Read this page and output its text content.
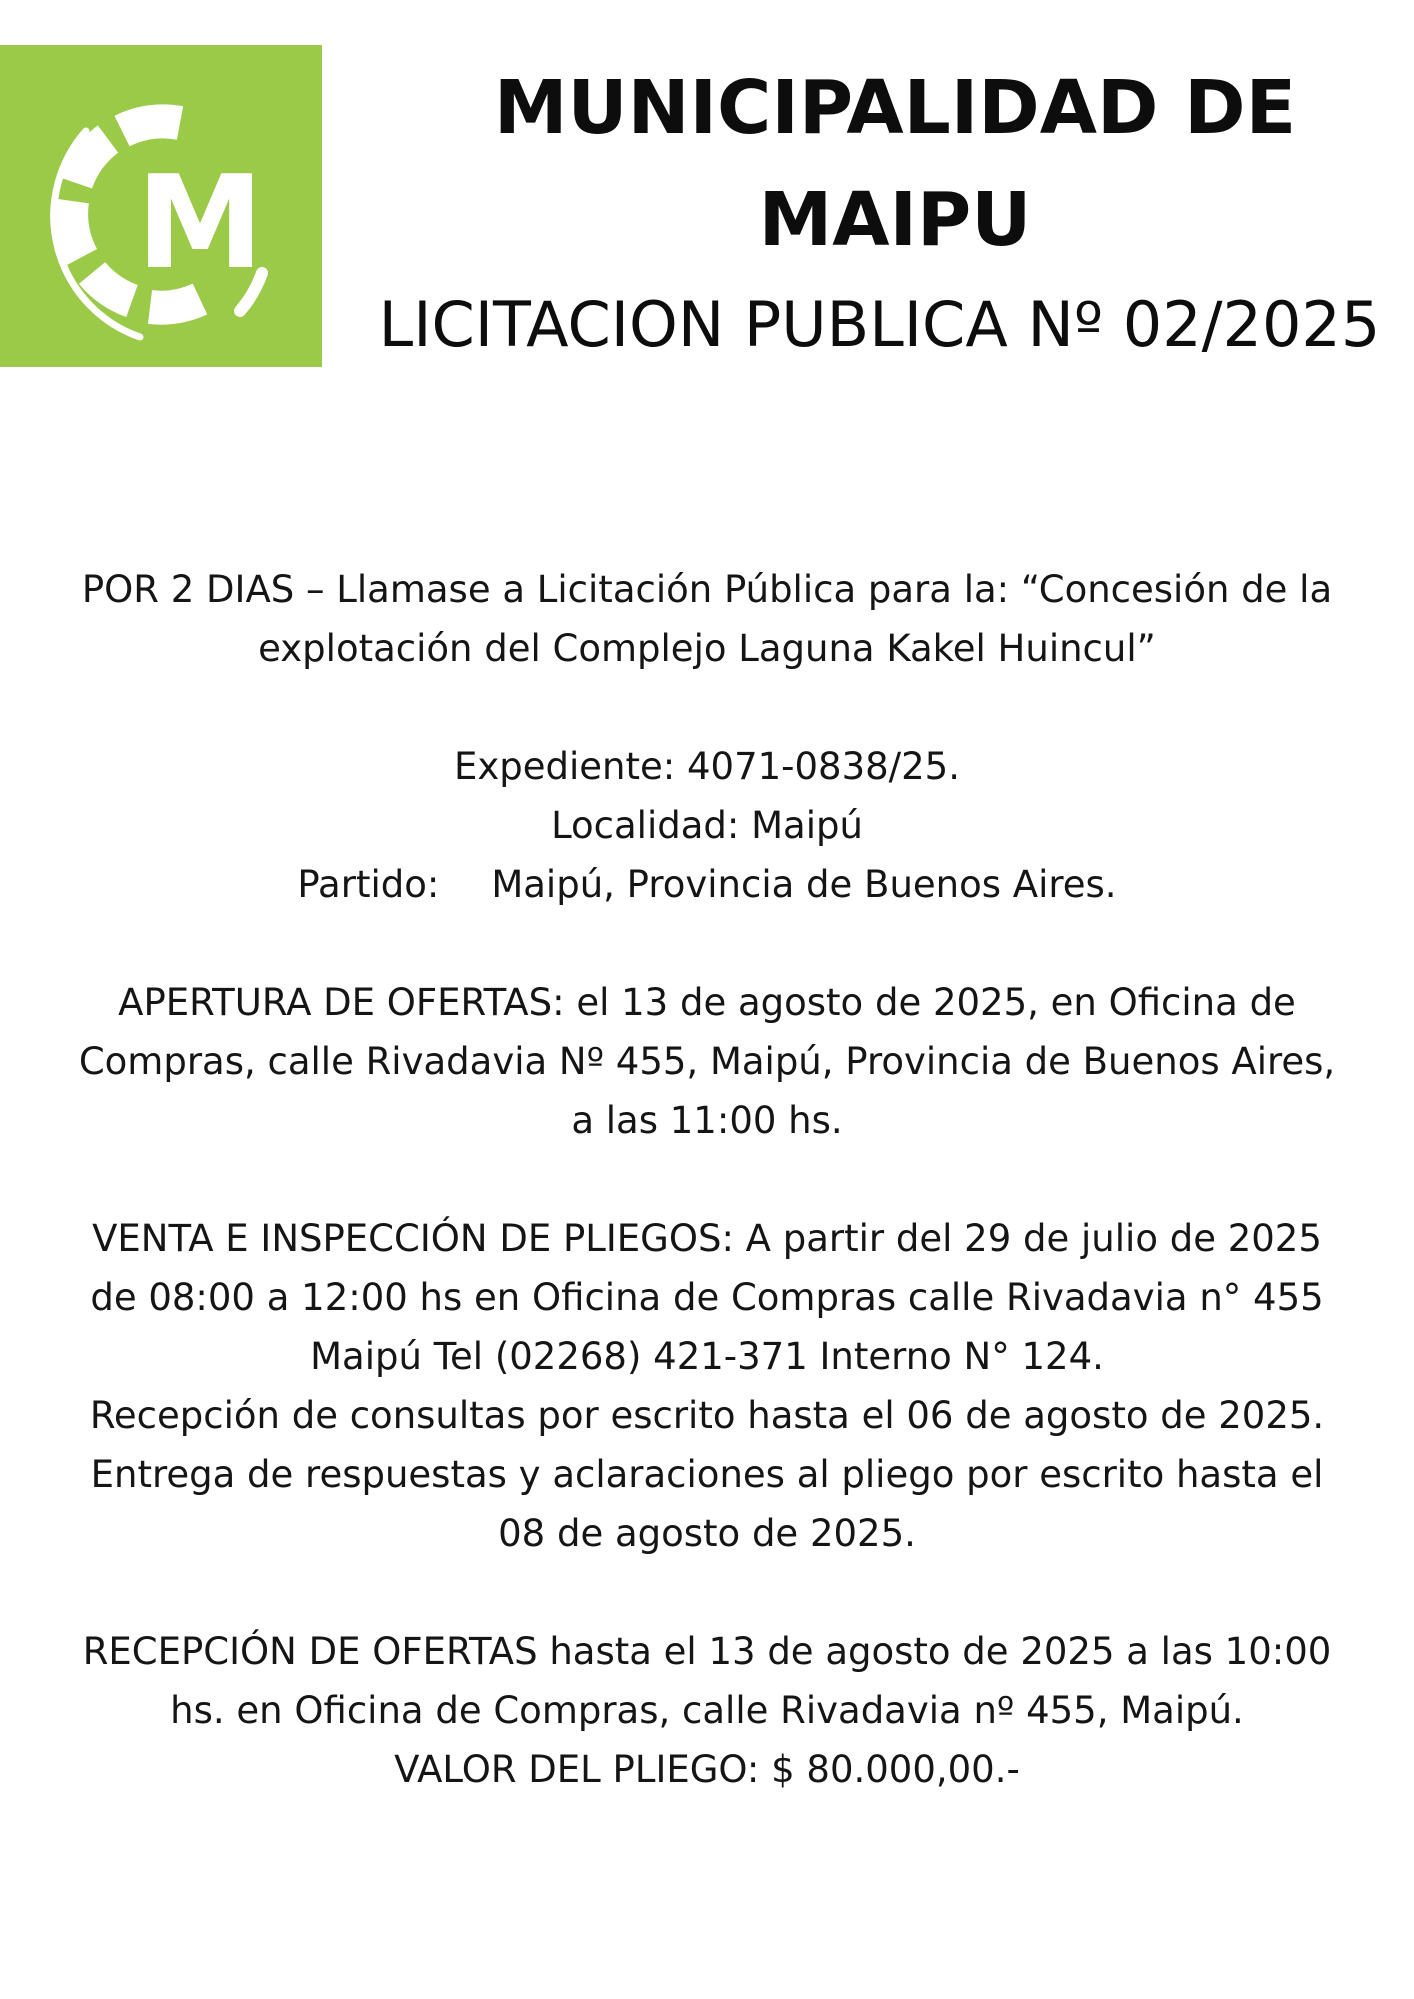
M
MUNICIPALIDAD DE
MAIPU
LICITACION PUBLICA Nº 02/2025

POR 2 DIAS – Llamase a Licitación Pública para la: “Concesión de la

explotación del Complejo Laguna Kakel Huincul”

Expediente: 4071-0838/25.

Localidad: Maipú

Partido: Maipú, Provincia de Buenos Aires.

APERTURA DE OFERTAS: el 13 de agosto de 2025, en Oficina de

Compras, calle Rivadavia Nº 455, Maipú, Provincia de Buenos Aires,

a las 11:00 hs.

VENTA E INSPECCIÓN DE PLIEGOS: A partir del 29 de julio de 2025

de 08:00 a 12:00 hs en Oficina de Compras calle Rivadavia n° 455

Maipú Tel (02268) 421-371 Interno N° 124.

Recepción de consultas por escrito hasta el 06 de agosto de 2025.

Entrega de respuestas y aclaraciones al pliego por escrito hasta el

08 de agosto de 2025.

RECEPCIÓN DE OFERTAS hasta el 13 de agosto de 2025 a las 10:00

hs. en Oficina de Compras, calle Rivadavia nº 455, Maipú.

VALOR DEL PLIEGO: $ 80.000,00.-
